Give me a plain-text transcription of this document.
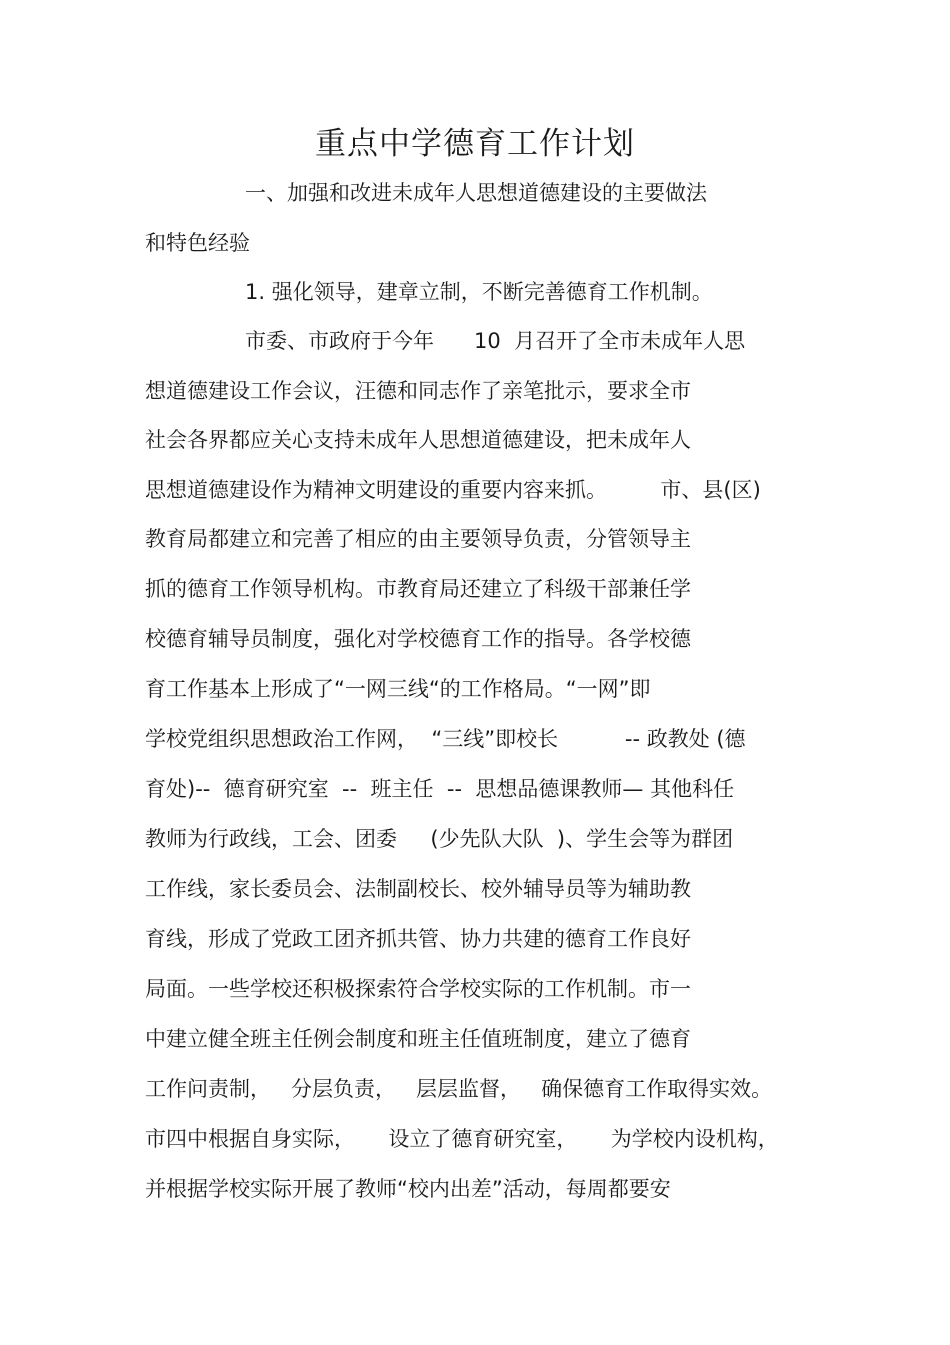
重点中学德育工作计划
一、加强和改进未成年人思想道德建设的主要做法
和特色经验
1. 强化领导，建章立制，不断完善德育工作机制。
市委、市政府于今年      10  月召开了全市未成年人思
想道德建设工作会议，汪德和同志作了亲笔批示，要求全市
社会各界都应关心支持未成年人思想道德建设，把未成年人
思想道德建设作为精神文明建设的重要内容来抓。        市、县(区)
教育局都建立和完善了相应的由主要领导负责，分管领导主
抓的德育工作领导机构。市教育局还建立了科级干部兼任学
校德育辅导员制度，强化对学校德育工作的指导。各学校德
育工作基本上形成了“一网三线“的工作格局。“一网”即
学校党组织思想政治工作网，  “三线”即校长          -- 政教处 (德
育处)--  德育研究室  --  班主任  --  思想品德课教师— 其他科任
教师为行政线，工会、团委     (少先队大队  )、学生会等为群团
工作线，家长委员会、法制副校长、校外辅导员等为辅助教
育线，形成了党政工团齐抓共管、协力共建的德育工作良好
局面。一些学校还积极探索符合学校实际的工作机制。市一
中建立健全班主任例会制度和班主任值班制度，建立了德育
工作问责制，   分层负责，   层层监督，   确保德育工作取得实效。
市四中根据自身实际，     设立了德育研究室，     为学校内设机构，
并根据学校实际开展了教师“校内出差”活动，每周都要安
